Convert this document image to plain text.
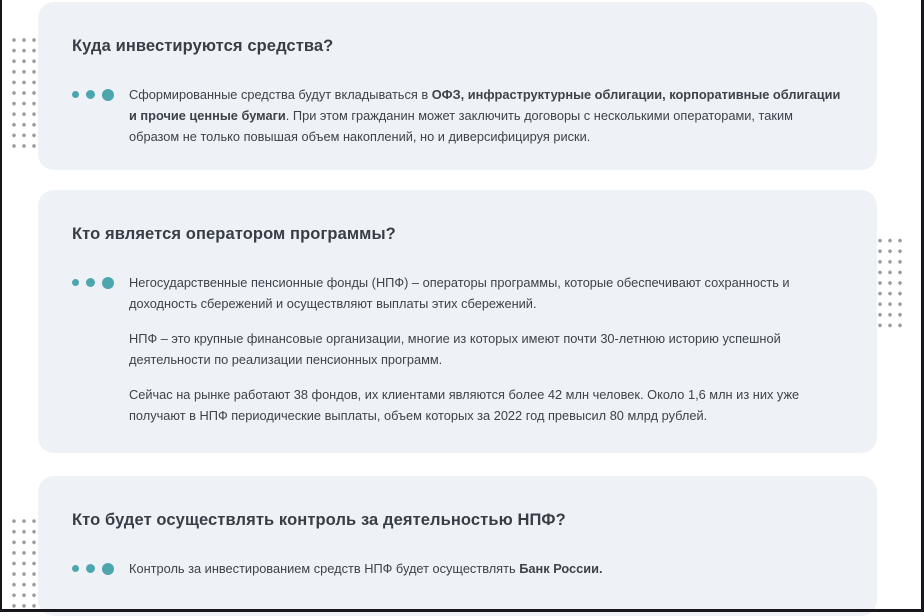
Куда инвестируются средства?

Сформированные средства будут вкладываться в ОФЗ, инфраструктурные облигации, корпоративные облигации и прочие ценные бумаги. При этом гражданин может заключить договоры с несколькими операторами, таким образом не только повышая объем накоплений, но и диверсифицируя риски.

Кто является оператором программы?

Негосударственные пенсионные фонды (НПФ) – операторы программы, которые обеспечивают сохранность и доходность сбережений и осуществляют выплаты этих сбережений.

НПФ – это крупные финансовые организации, многие из которых имеют почти 30-летнюю историю успешной деятельности по реализации пенсионных программ.

Сейчас на рынке работают 38 фондов, их клиентами являются более 42 млн человек. Около 1,6 млн из них уже получают в НПФ периодические выплаты, объем которых за 2022 год превысил 80 млрд рублей.

Кто будет осуществлять контроль за деятельностью НПФ?

Контроль за инвестированием средств НПФ будет осуществлять Банк России.
